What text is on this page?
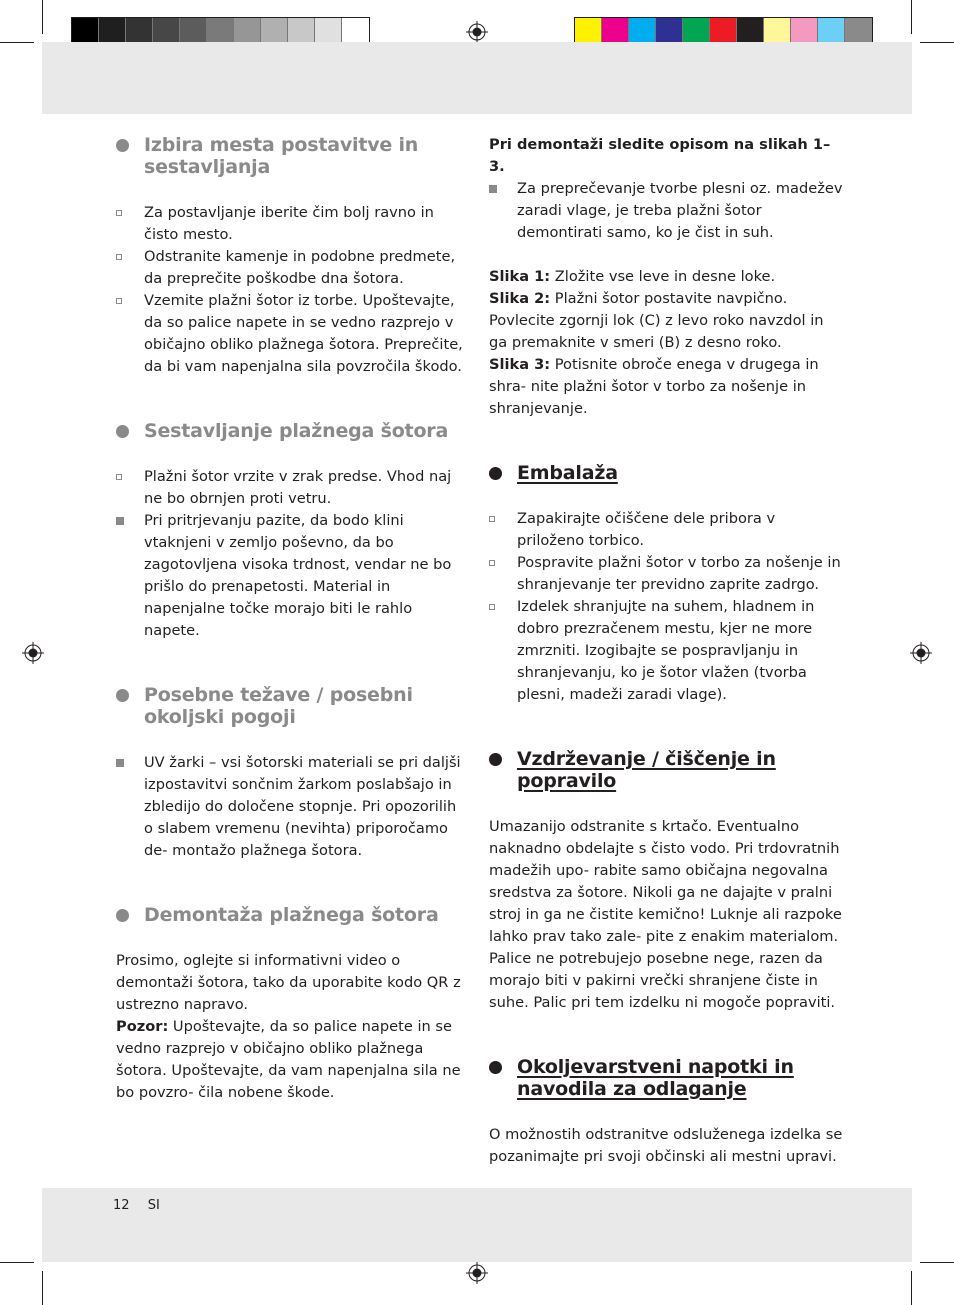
Izbira mesta postavitve in sestavljanja
Za postavljanje iberite čim bolj ravno in čisto mesto.
Odstranite kamenje in podobne predmete, da preprečite poškodbe dna šotora.
Vzemite plažni šotor iz torbe. Upoštevajte, da so palice napete in se vedno razprejo v običajno obliko plažnega šotora. Preprečite, da bi vam napenjalna sila povzročila škodo.
Sestavljanje plažnega šotora
Plažni šotor vrzite v zrak predse. Vhod naj ne bo obrnjen proti vetru.
Pri pritrjevanju pazite, da bodo klini vtaknjeni v zemljo poševno, da bo zagotovljena visoka trdnost, vendar ne bo prišlo do prenapetosti. Material in napenjalne točke morajo biti le rahlo napete.
Posebne težave / posebni okoljski pogoji
UV žarki – vsi šotorski materiali se pri daljši izpostavitvi sončnim žarkom poslabšajo in zbledijo do določene stopnje. Pri opozorilih o slabem vremenu (nevihta) priporočamo de- montažo plažnega šotora.
Demontaža plažnega šotora

Prosimo, oglejte si informativni video o demontaži šotora, tako da uporabite kodo QR z ustrezno napravo.

Pozor: Upoštevajte, da so palice napete in se vedno razprejo v običajno obliko plažnega šotora. Upoštevajte, da vam napenjalna sila ne bo povzro- čila nobene škode.

Pri demontaži sledite opisom na slikah 1–3.

Za preprečevanje tvorbe plesni oz. madežev zaradi vlage, je treba plažni šotor demontirati samo, ko je čist in suh.

Slika 1: Zložite vse leve in desne loke.

Slika 2: Plažni šotor postavite navpično. Povlecite zgornji lok (C) z levo roko navzdol in ga premaknite v smeri (B) z desno roko.

Slika 3: Potisnite obroče enega v drugega in shra- nite plažni šotor v torbo za nošenje in shranjevanje.

Embalaža
Zapakirajte očiščene dele pribora v priloženo torbico.
Pospravite plažni šotor v torbo za nošenje in shranjevanje ter previdno zaprite zadrgo.
Izdelek shranjujte na suhem, hladnem in dobro prezračenem mestu, kjer ne more zmrzniti. Izogibajte se pospravljanju in shranjevanju, ko je šotor vlažen (tvorba plesni, madeži zaradi vlage).
Vzdrževanje / čiščenje in popravilo

Umazanijo odstranite s krtačo. Eventualno naknadno obdelajte s čisto vodo. Pri trdovratnih madežih upo- rabite samo običajna negovalna sredstva za šotore. Nikoli ga ne dajajte v pralni stroj in ga ne čistite kemično! Luknje ali razpoke lahko prav tako zale- pite z enakim materialom. Palice ne potrebujejo posebne nege, razen da morajo biti v pakirni vrečki shranjene čiste in suhe. Palic pri tem izdelku ni mogoče popraviti.

Okoljevarstveni napotki in navodila za odlaganje

O možnostih odstranitve odsluženega izdelka se pozanimajte pri svoji občinski ali mestni upravi.

12 SI
